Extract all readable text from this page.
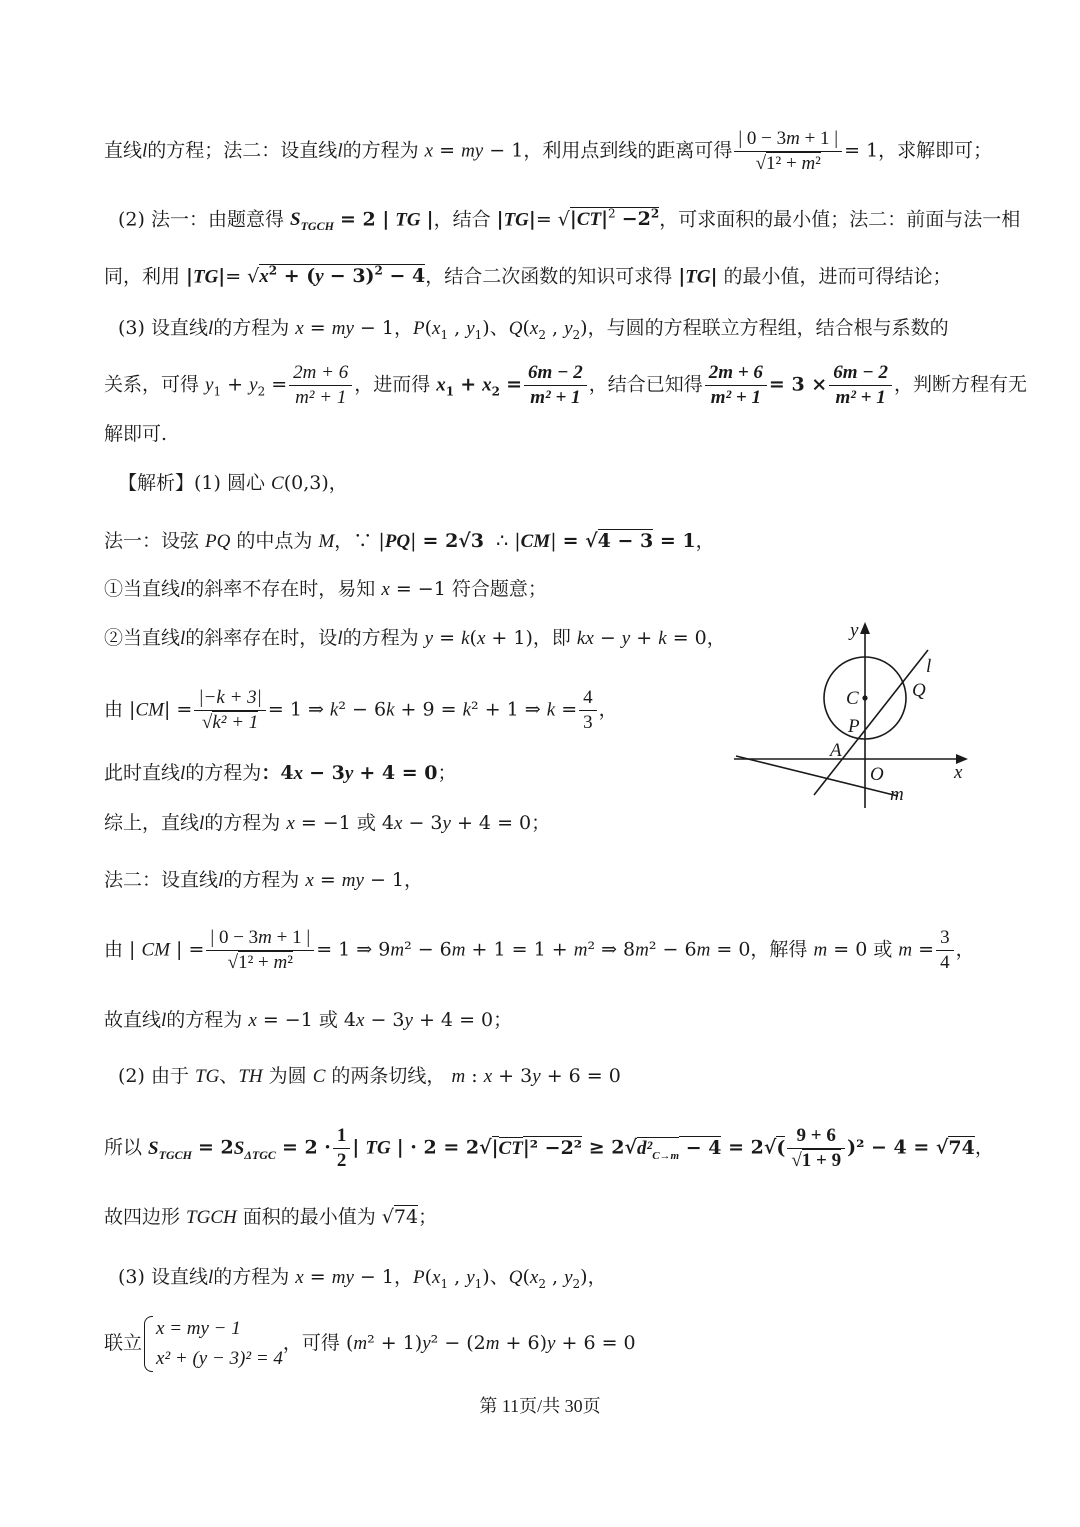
直线l的方程；法二：设直线l的方程为 x = my − 1，利用点到线的距离可得 $\frac{| 0 - 3m + 1 |}{\text{√1² + m²}} = 1$，求解即可；
(2) 法一：由题意得 $S_{TGCH} = 2$ | TG |，结合 $|TG|= √|CT|^2 -2^2$，可求面积的最小值；法二：前面与法一相
同，利用 $|TG|= √x^2 + (y - 3)^2 - 4$，结合二次函数的知识可求得 |TG| 的最小值，进而可得结论；
(3) 设直线l的方程为 x = my − 1，$P(x_1$ , $y_1$)、$Q(x_2$ , $y_2$)，与圆的方程联立方程组，结合根与系数的
关系，可得 $y_1 + y_2 = \frac{2m + 6}{\text{m² + 1}}$ ，进而得 $x_1 + x_2 = \frac{6m - 2}{\text{m² + 1}}$ ，结合已知得 $\frac{2m + 6}{\text{m² + 1}} = 3 \times \frac{6m - 2}{\text{m² + 1}}$ ，判断方程有无
解即可.
【解析】(1) 圆心 C(0,3)，
法一：设弦 PQ 的中点为 M，∵ |PQ| = 2√3  ∴ |CM| = √4 − 3 = 1，
①当直线l的斜率不存在时，易知 x = −1 符合题意；
②当直线l的斜率存在时，设l的方程为 y = k(x + 1)，即 kx − y + k = 0，
由 $|CM| = \frac{|-k + 3|}{\text{√k² + 1}} = 1$ ⇒ k² − 6k + 9 = k² + 1 ⇒ $k = \frac{4}{3}$ ，
此时直线l的方程为：4x − 3y + 4 = 0；
综上，直线l的方程为 x = −1 或 4x − 3y + 4 = 0；
法二：设直线l的方程为 x = my − 1，
由 | CM | = $\frac{| 0 - 3m + 1 |}{\text{√1² + m²}} = 1$ ⇒ 9m² − 6m + 1 = 1 + m² ⇒ 8m² − 6m = 0，解得 m = 0 或 $m = \frac{3}{4}$ ，
故直线l的方程为 x = −1 或 4x − 3y + 4 = 0；
(2) 由于 TG、TH 为圆 C 的两条切线， m : x + 3y + 6 = 0
所以 $S_{TGCH} = 2S_{\Delta TGC} = 2 \cdot \frac{1}{2}$ | TG | · $2 = 2√|CT|^2 -2^2 \ge 2√d^2_{C\to m} - 4 = 2√( \frac{9 + 6}{√1 + 9} )^2 - 4 = √74$，
故四边形 TGCH 面积的最小值为 √74；
(3) 设直线l的方程为 x = my − 1，$P(x_1$ , $y_1$)、$Q(x_2$ , $y_2$)，
联立
x = my − 1
x² + (y − 3)² = 4
，可得 (m² + 1)y² − (2m + 6)y + 6 = 0
y
l
C	Q
P
A
O	x
m
第 11页/共 30页
